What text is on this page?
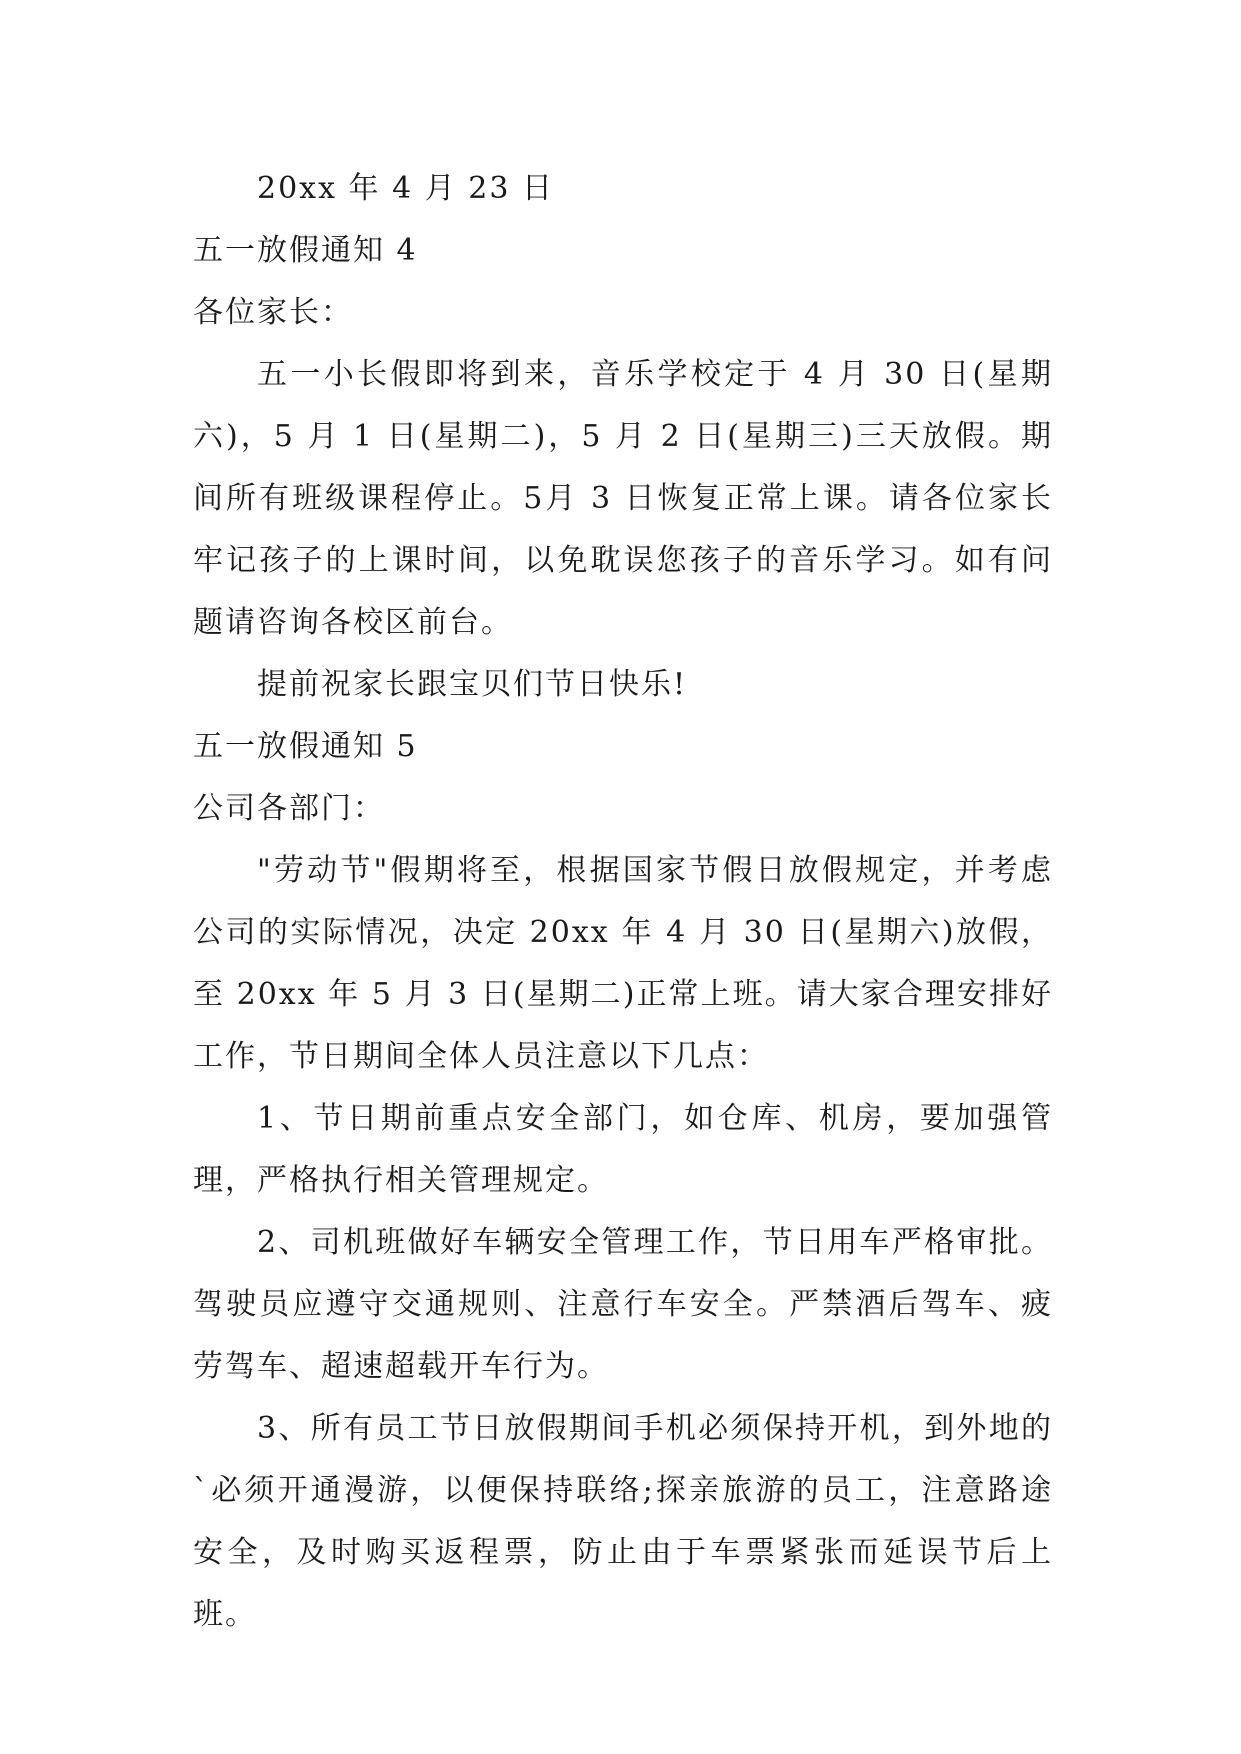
20xx 年 4 月 23 日

五一放假通知 4

各位家长：

五一小长假即将到来，音乐学校定于 4 月 30 日(星期六)，5 月 1 日(星期二)，5 月 2 日(星期三)三天放假。期间所有班级课程停止。5月 3 日恢复正常上课。请各位家长牢记孩子的上课时间，以免耽误您孩子的音乐学习。如有问题请咨询各校区前台。

提前祝家长跟宝贝们节日快乐!

五一放假通知 5

公司各部门：

"劳动节"假期将至，根据国家节假日放假规定，并考虑公司的实际情况，决定 20xx 年 4 月 30 日(星期六)放假，至 20xx 年 5 月 3 日(星期二)正常上班。请大家合理安排好工作，节日期间全体人员注意以下几点：

1、节日期前重点安全部门，如仓库、机房，要加强管理，严格执行相关管理规定。

2、司机班做好车辆安全管理工作，节日用车严格审批。驾驶员应遵守交通规则、注意行车安全。严禁酒后驾车、疲劳驾车、超速超载开车行为。

3、所有员工节日放假期间手机必须保持开机，到外地的`必须开通漫游，以便保持联络;探亲旅游的员工，注意路途安全，及时购买返程票，防止由于车票紧张而延误节后上班。
